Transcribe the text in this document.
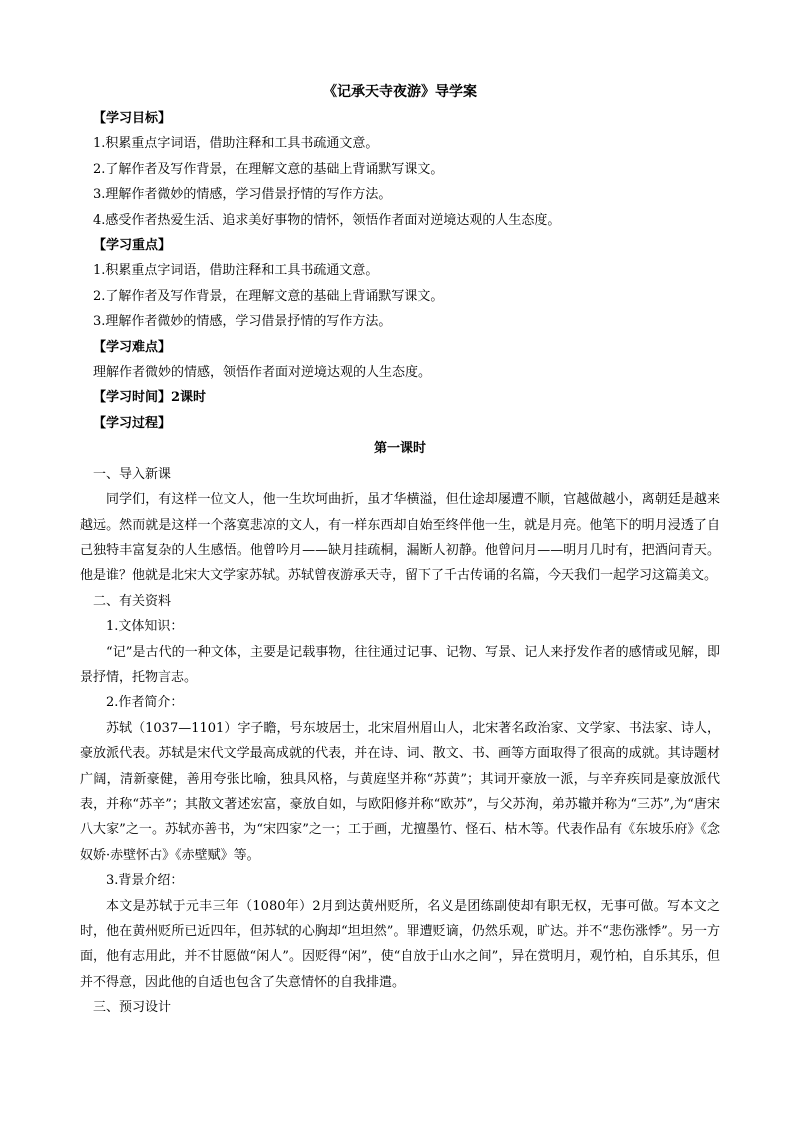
《记承天寺夜游》导学案

【学习目标】

1.积累重点字词语，借助注释和工具书疏通文意。

2.了解作者及写作背景，在理解文意的基础上背诵默写课文。

3.理解作者微妙的情感，学习借景抒情的写作方法。

4.感受作者热爱生活、追求美好事物的情怀，领悟作者面对逆境达观的人生态度。

【学习重点】

1.积累重点字词语，借助注释和工具书疏通文意。

2.了解作者及写作背景，在理解文意的基础上背诵默写课文。

3.理解作者微妙的情感，学习借景抒情的写作方法。

【学习难点】

理解作者微妙的情感，领悟作者面对逆境达观的人生态度。

【学习时间】2课时

【学习过程】

第一课时

一、导入新课

同学们，有这样一位文人，他一生坎坷曲折，虽才华横溢，但仕途却屡遭不顺，官越做越小，离朝廷是越来越远。然而就是这样一个落寞悲凉的文人，有一样东西却自始至终伴他一生，就是月亮。他笔下的明月浸透了自己独特丰富复杂的人生感悟。他曾吟月——缺月挂疏桐，漏断人初静。他曾问月——明月几时有，把酒问青天。他是谁？他就是北宋大文学家苏轼。苏轼曾夜游承天寺，留下了千古传诵的名篇，今天我们一起学习这篇美文。

二、有关资料

1.文体知识：

“记”是古代的一种文体，主要是记载事物，往往通过记事、记物、写景、记人来抒发作者的感情或见解，即景抒情，托物言志。

2.作者简介：

苏轼（1037—1101）字子瞻，号东坡居士，北宋眉州眉山人，北宋著名政治家、文学家、书法家、诗人，豪放派代表。苏轼是宋代文学最高成就的代表，并在诗、词、散文、书、画等方面取得了很高的成就。其诗题材广阔，清新豪健，善用夸张比喻，独具风格，与黄庭坚并称“苏黄”；其词开豪放一派，与辛弃疾同是豪放派代表，并称“苏辛”；其散文著述宏富，豪放自如，与欧阳修并称“欧苏”，与父苏洵，弟苏辙并称为“三苏”,为“唐宋八大家”之一。苏轼亦善书，为“宋四家”之一；工于画，尤擅墨竹、怪石、枯木等。代表作品有《东坡乐府》《念奴娇·赤壁怀古》《赤壁赋》等。

3.背景介绍：

本文是苏轼于元丰三年（1080年）2月到达黄州贬所，名义是团练副使却有职无权，无事可做。写本文之时，他在黄州贬所已近四年，但苏轼的心胸却“坦坦然”。罪遭贬谪，仍然乐观，旷达。并不“悲伤涨悸”。另一方面，他有志用此，并不甘愿做“闲人”。因贬得“闲”，使“自放于山水之间”，异在赏明月，观竹柏，自乐其乐，但并不得意，因此他的自适也包含了失意情怀的自我排遣。

三、预习设计
